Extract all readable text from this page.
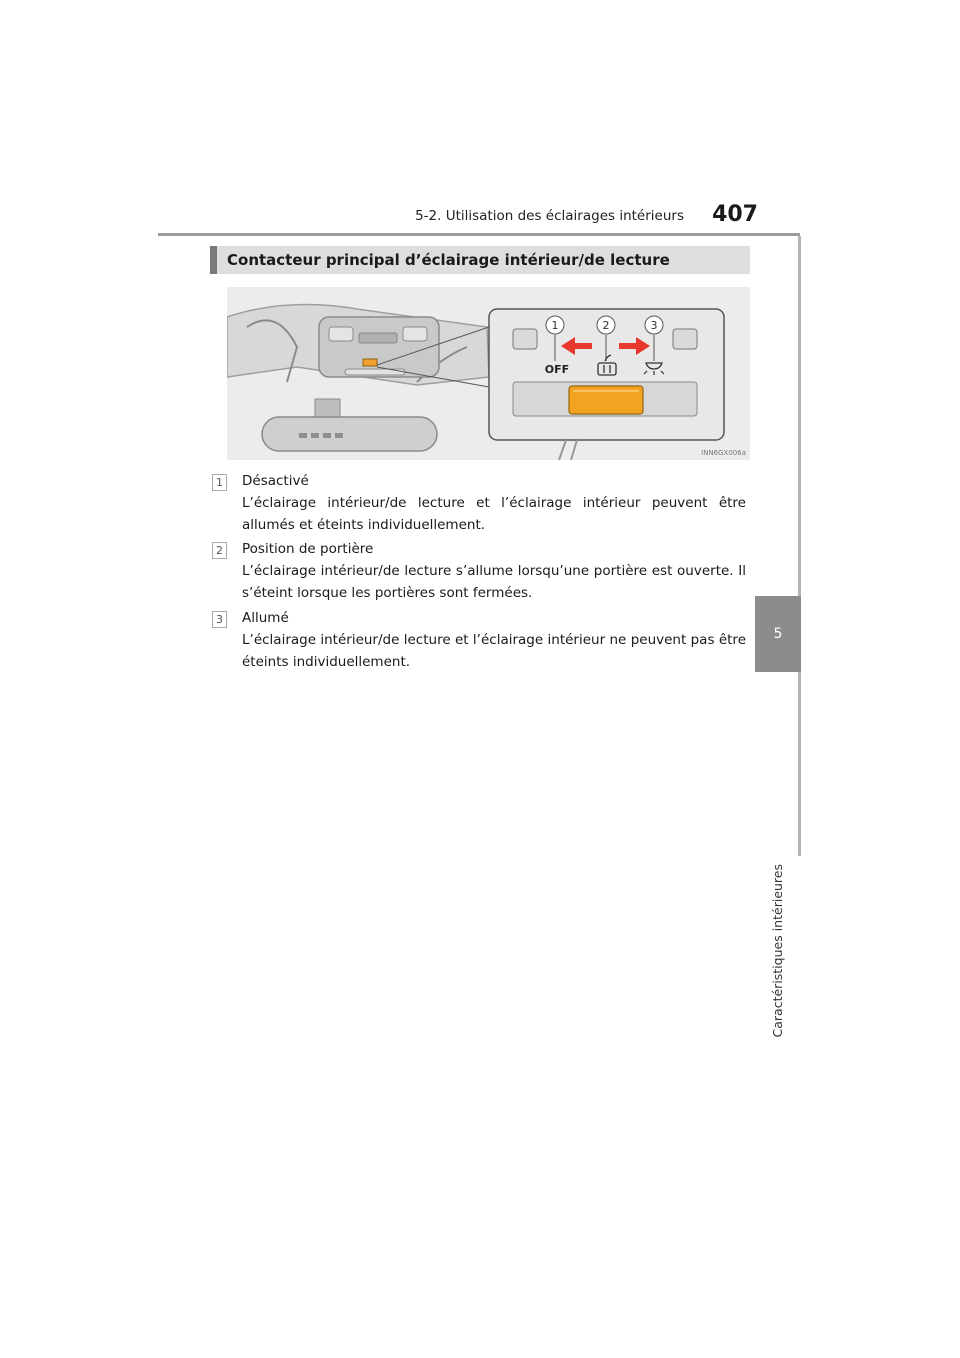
5-2. Utilisation des éclairages intérieurs 407
5
Caractéristiques intérieures
Contacteur principal d’éclairage intérieur/de lecture
1	2	3
OFF
INN6GX006a
1 Désactivé
L’éclairage intérieur/de lecture et l’éclairage intérieur peuvent être allumés et éteints individuellement.
2 Position de portière
L’éclairage intérieur/de lecture s’allume lorsqu’une portière est ouverte. Il s’éteint lorsque les portières sont fermées.
3 Allumé
L’éclairage intérieur/de lecture et l’éclairage intérieur ne peuvent pas être éteints individuellement.
